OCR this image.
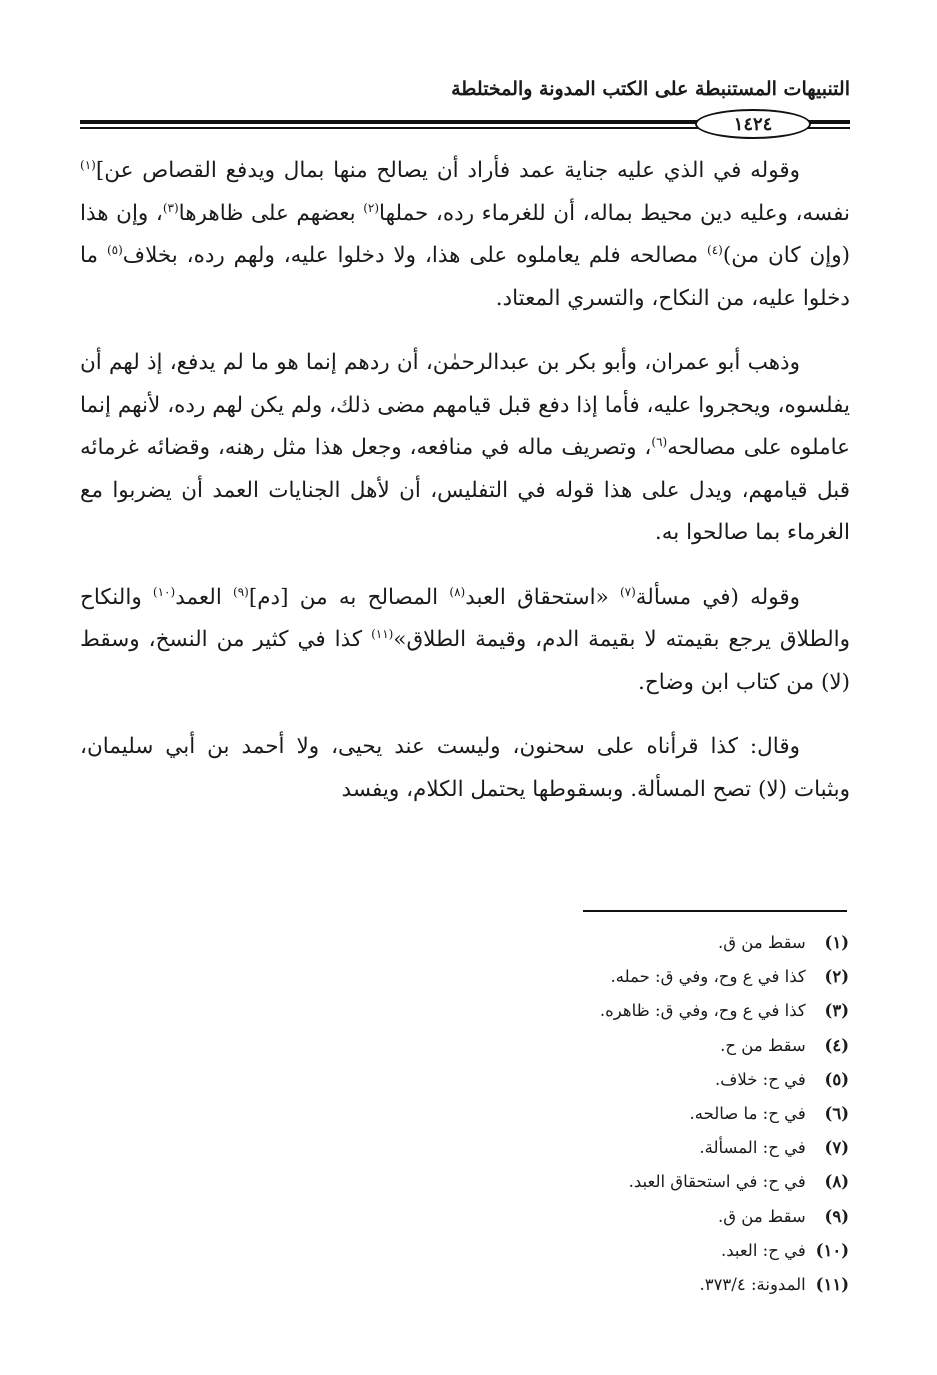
التنبيهات المستنبطة على الكتب المدونة والمختلطة
١٤٢٤

وقوله في الذي عليه جناية عمد فأراد أن يصالح منها بمال ويدفع القصاص عن]$^{(١)}$ نفسه، وعليه دين محيط بماله، أن للغرماء رده، حملها$^{(٢)}$ بعضهم على ظاهرها$^{(٣)}$، وإن هذا (وإن كان من)$^{(٤)}$ مصالحه فلم يعاملوه على هذا، ولا دخلوا عليه، ولهم رده، بخلاف$^{(٥)}$ ما دخلوا عليه، من النكاح، والتسري المعتاد.

وذهب أبو عمران، وأبو بكر بن عبدالرحمٰن، أن ردهم إنما هو ما لم يدفع، إذ لهم أن يفلسوه، ويحجروا عليه، فأما إذا دفع قبل قيامهم مضى ذلك، ولم يكن لهم رده، لأنهم إنما عاملوه على مصالحه$^{(٦)}$، وتصريف ماله في منافعه، وجعل هذا مثل رهنه، وقضائه غرمائه قبل قيامهم، ويدل على هذا قوله في التفليس، أن لأهل الجنايات العمد أن يضربوا مع الغرماء بما صالحوا به.

وقوله (في مسألة$^{(٧)}$ «استحقاق العبد$^{(٨)}$ المصالح به من [دم]$^{(٩)}$ العمد$^{(١٠)}$ والنكاح والطلاق يرجع بقيمته لا بقيمة الدم، وقيمة الطلاق»$^{(١١)}$ كذا في كثير من النسخ، وسقط (لا) من كتاب ابن وضاح.

وقال: كذا قرأناه على سحنون، وليست عند يحيى، ولا أحمد بن أبي سليمان، وبثبات (لا) تصح المسألة. وبسقوطها يحتمل الكلام، ويفسد

(١) سقط من ق.
(٢) كذا في ع وح، وفي ق: حمله.
(٣) كذا في ع وح، وفي ق: ظاهره.
(٤) سقط من ح.
(٥) في ح: خلاف.
(٦) في ح: ما صالحه.
(٧) في ح: المسألة.
(٨) في ح: في استحقاق العبد.
(٩) سقط من ق.
(١٠) في ح: العبد.
(١١) المدونة: ٣٧٣/٤.
